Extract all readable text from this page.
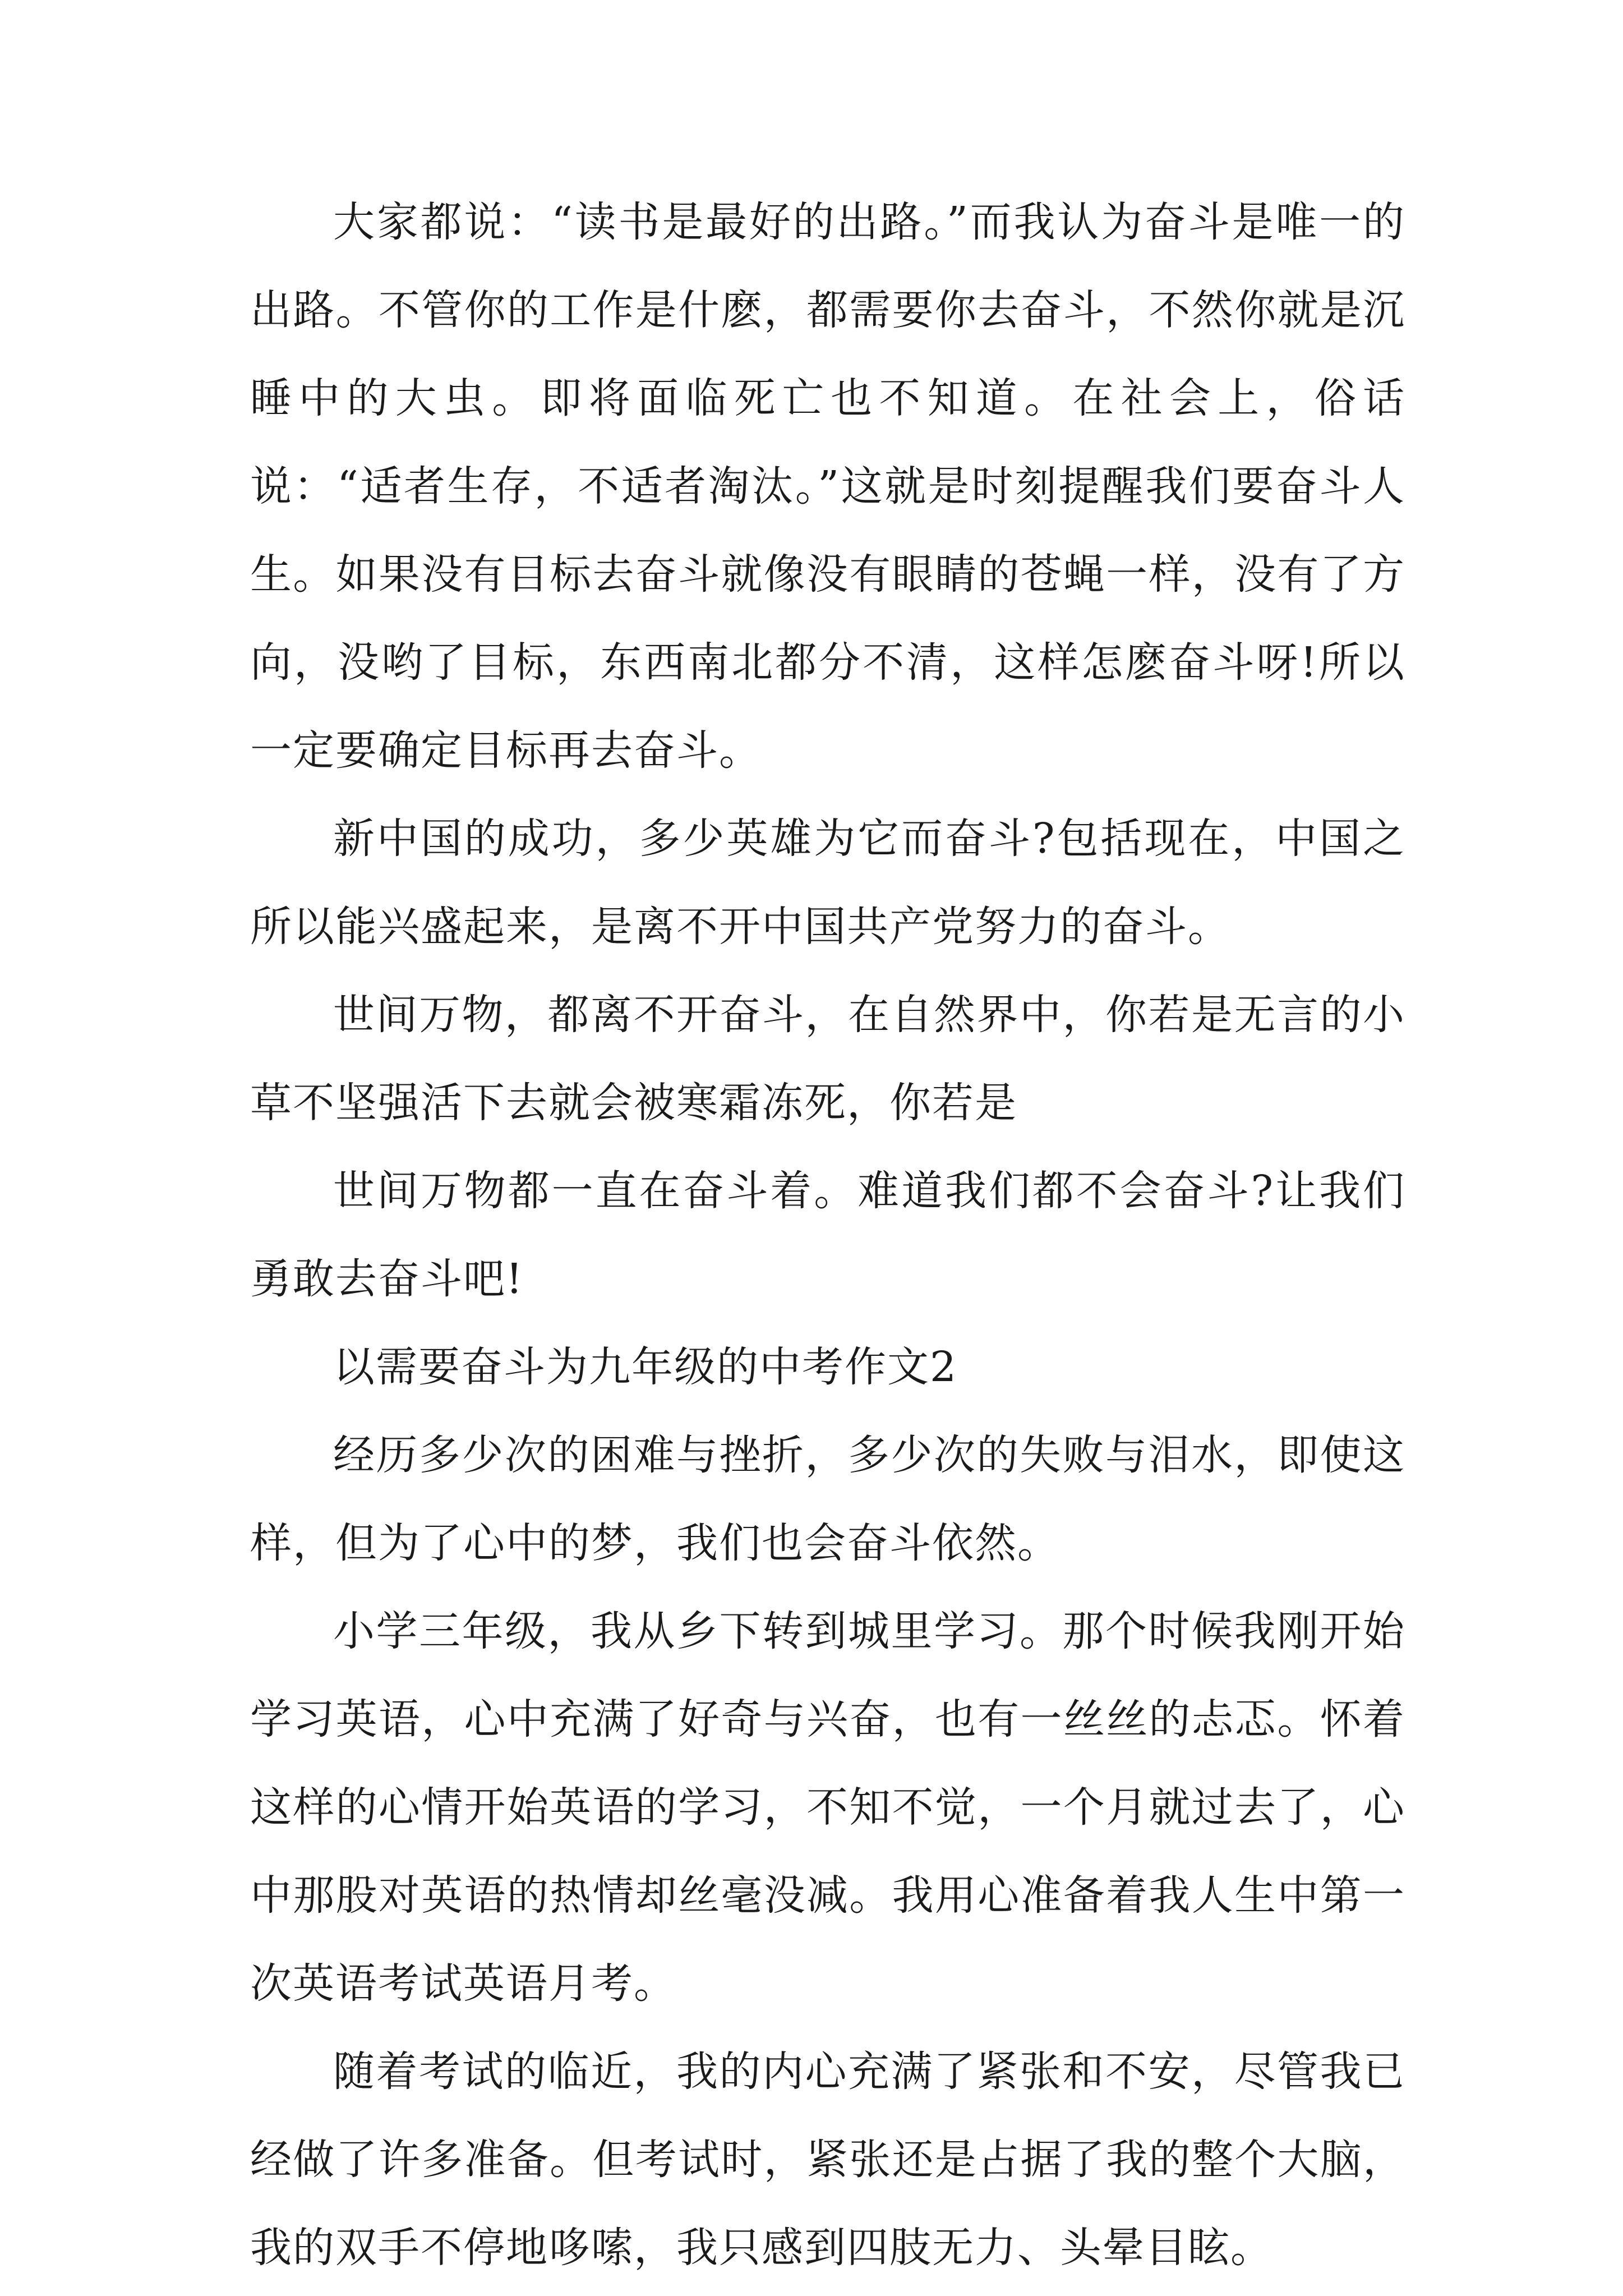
大家都说：“读书是最好的出路。”而我认为奋斗是唯一的出路。不管你的工作是什麽，都需要你去奋斗，不然你就是沉睡中的大虫。即将面临死亡也不知道。在社会上，俗话说：“适者生存，不适者淘汰。”这就是时刻提醒我们要奋斗人生。如果没有目标去奋斗就像没有眼睛的苍蝇一样，没有了方向，没哟了目标，东西南北都分不清，这样怎麽奋斗呀!所以一定要确定目标再去奋斗。

新中国的成功，多少英雄为它而奋斗?包括现在，中国之所以能兴盛起来，是离不开中国共产党努力的奋斗。

世间万物，都离不开奋斗，在自然界中，你若是无言的小草不坚强活下去就会被寒霜冻死，你若是

世间万物都一直在奋斗着。难道我们都不会奋斗?让我们勇敢去奋斗吧!

以需要奋斗为九年级的中考作文2

经历多少次的困难与挫折，多少次的失败与泪水，即使这样，但为了心中的梦，我们也会奋斗依然。

小学三年级，我从乡下转到城里学习。那个时候我刚开始学习英语，心中充满了好奇与兴奋，也有一丝丝的忐忑。怀着这样的心情开始英语的学习，不知不觉，一个月就过去了，心中那股对英语的热情却丝毫没减。我用心准备着我人生中第一次英语考试英语月考。

随着考试的临近，我的内心充满了紧张和不安，尽管我已经做了许多准备。但考试时，紧张还是占据了我的整个大脑，我的双手不停地哆嗦，我只感到四肢无力、头晕目眩。
